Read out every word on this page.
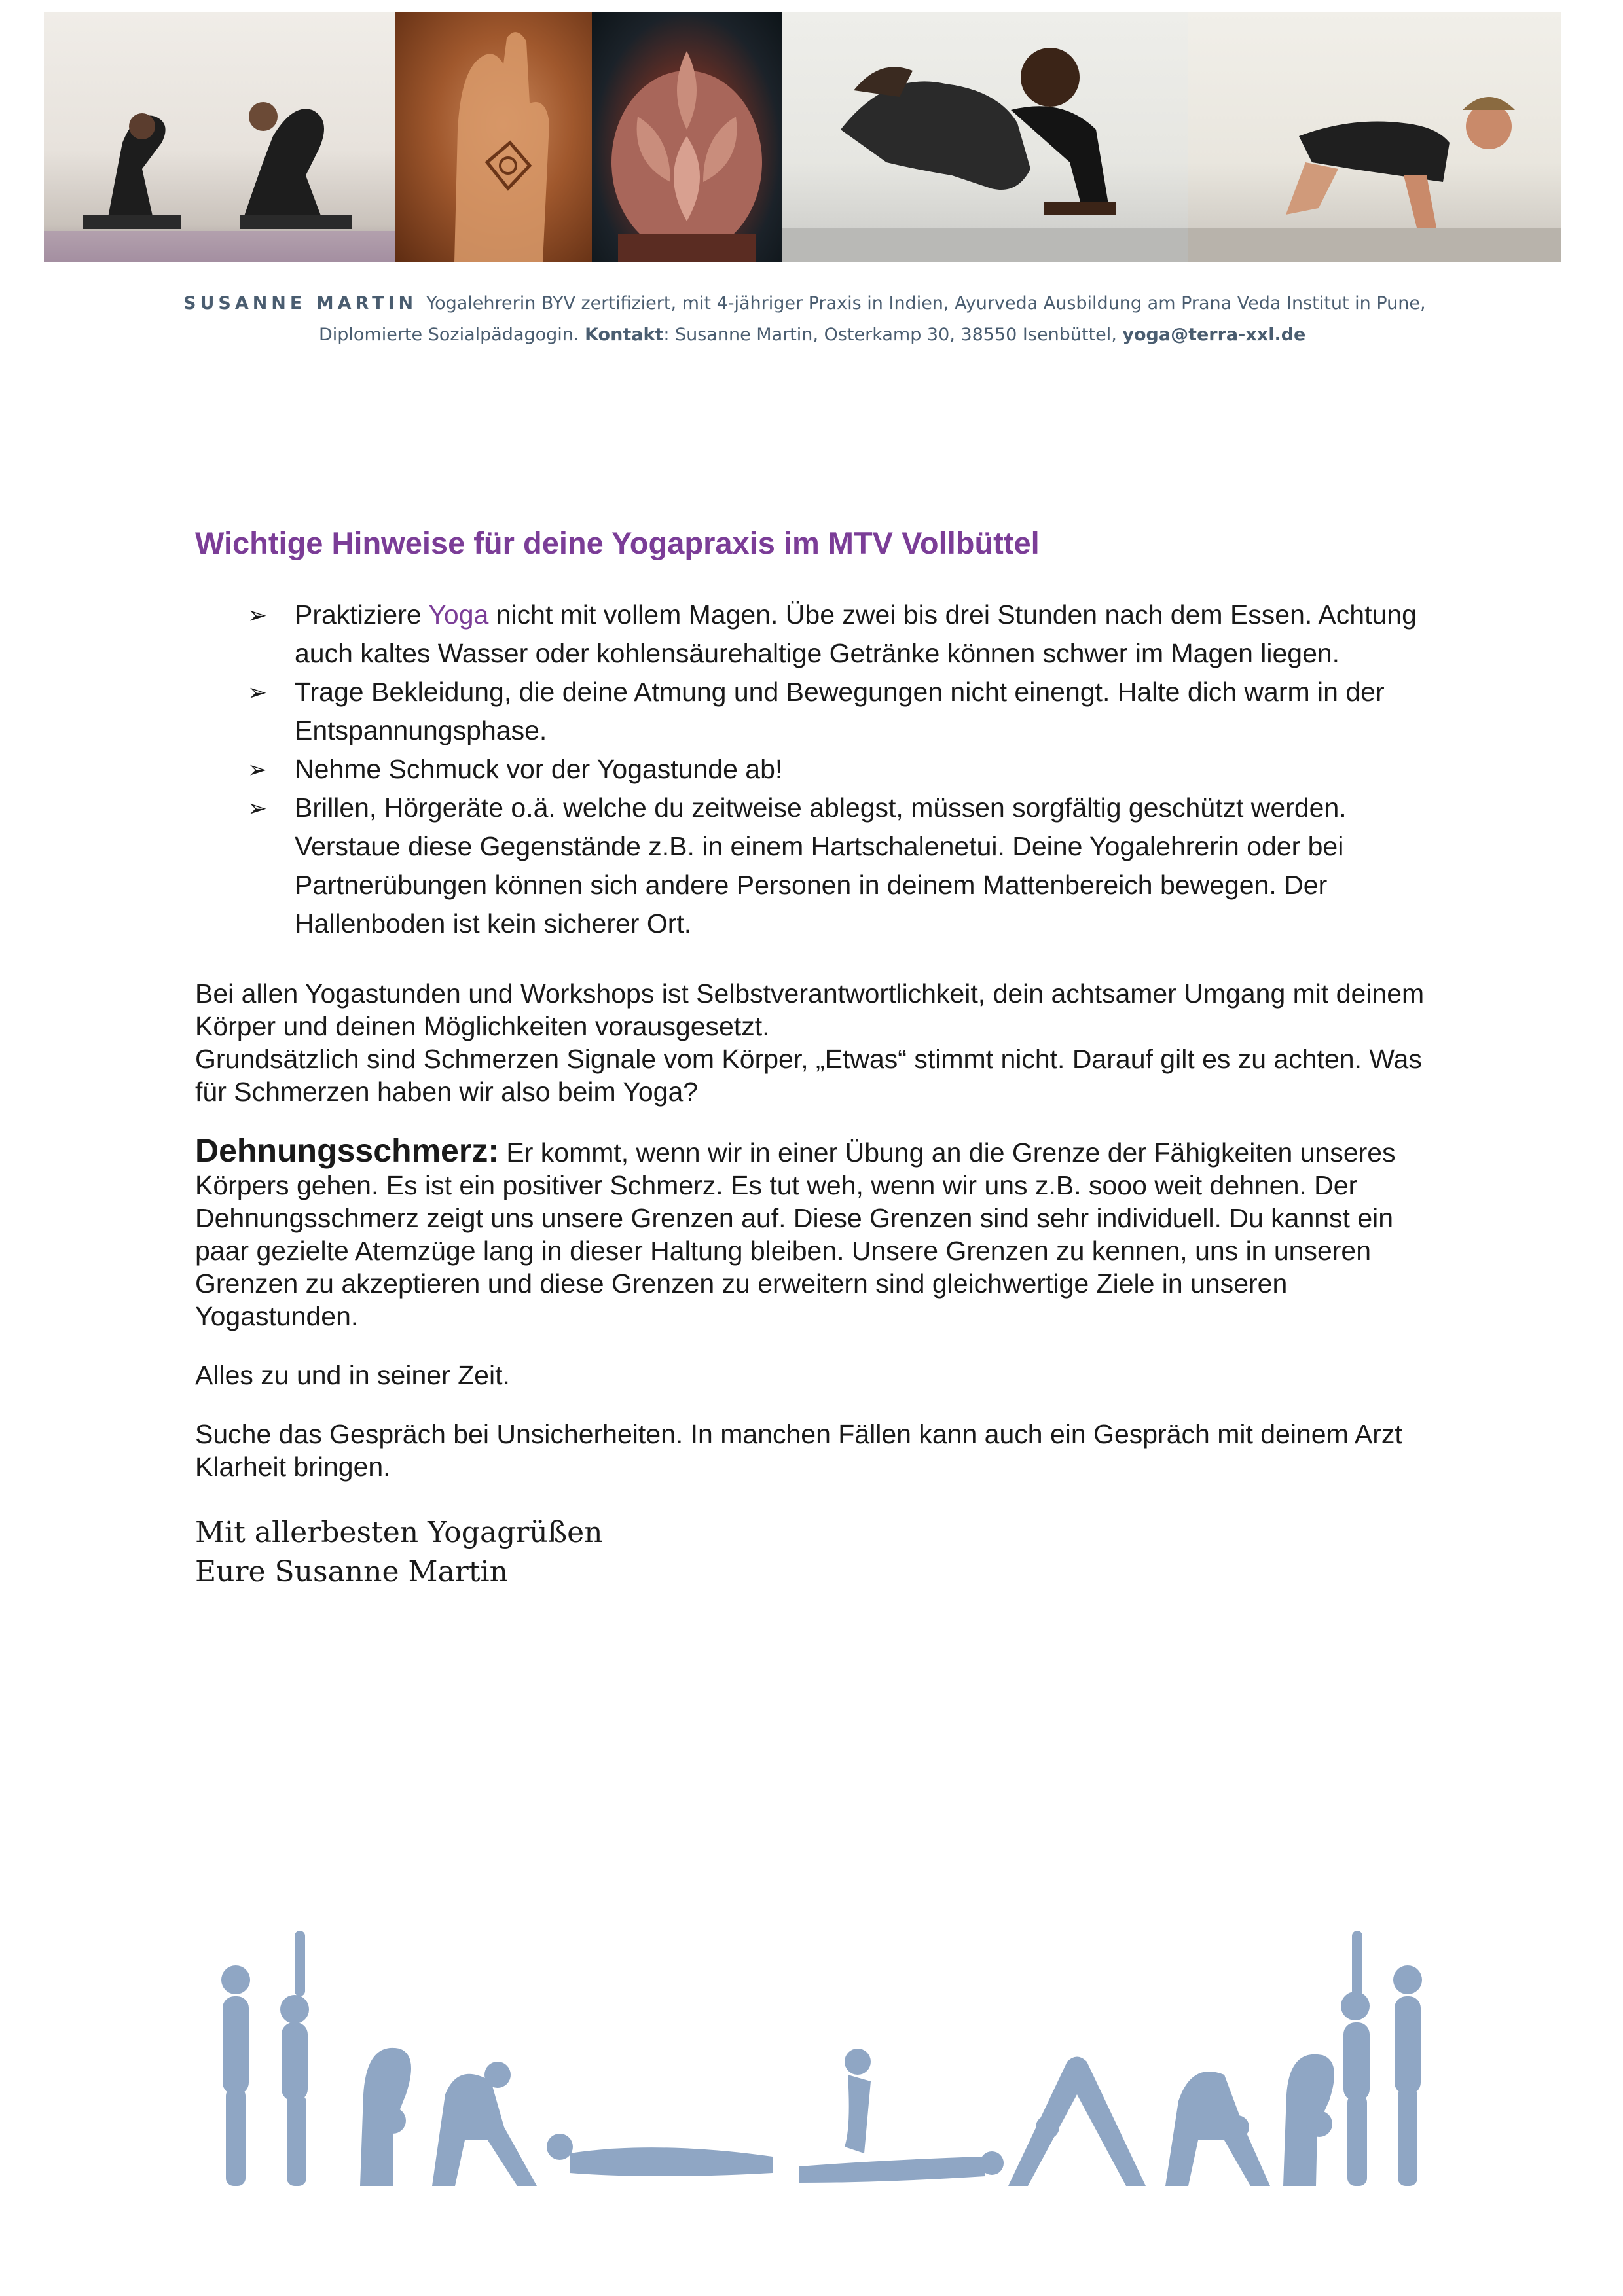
SUSANNE MARTIN Yogalehrerin BYV zertifiziert, mit 4-jähriger Praxis in Indien, Ayurveda Ausbildung am Prana Veda Institut in Pune,
Diplomierte Sozialpädagogin. Kontakt: Susanne Martin, Osterkamp 30, 38550 Isenbüttel, yoga@terra-xxl.de
Wichtige Hinweise für deine Yogapraxis im MTV Vollbüttel
➢ Praktiziere Yoga nicht mit vollem Magen. Übe zwei bis drei Stunden nach dem Essen. Achtung auch kaltes Wasser oder kohlensäurehaltige Getränke können schwer im Magen liegen.
➢ Trage Bekleidung, die deine Atmung und Bewegungen nicht einengt. Halte dich warm in der Entspannungsphase.
➢ Nehme Schmuck vor der Yogastunde ab!
➢ Brillen, Hörgeräte o.ä. welche du zeitweise ablegst, müssen sorgfältig geschützt werden. Verstaue diese Gegenstände z.B. in einem Hartschalenetui. Deine Yogalehrerin oder bei Partnerübungen können sich andere Personen in deinem Mattenbereich bewegen. Der Hallenboden ist kein sicherer Ort.

Bei allen Yogastunden und Workshops ist Selbstverantwortlichkeit, dein achtsamer Umgang mit deinem Körper und deinen Möglichkeiten vorausgesetzt.

Grundsätzlich sind Schmerzen Signale vom Körper, „Etwas“ stimmt nicht. Darauf gilt es zu achten. Was für Schmerzen haben wir also beim Yoga?

Dehnungsschmerz: Er kommt, wenn wir in einer Übung an die Grenze der Fähigkeiten unseres Körpers gehen. Es ist ein positiver Schmerz. Es tut weh, wenn wir uns z.B. sooo weit dehnen. Der Dehnungsschmerz zeigt uns unsere Grenzen auf. Diese Grenzen sind sehr individuell. Du kannst ein paar gezielte Atemzüge lang in dieser Haltung bleiben. Unsere Grenzen zu kennen, uns in unseren Grenzen zu akzeptieren und diese Grenzen zu erweitern sind gleichwertige Ziele in unseren Yogastunden.

Alles zu und in seiner Zeit.

Suche das Gespräch bei Unsicherheiten. In manchen Fällen kann auch ein Gespräch mit deinem Arzt Klarheit bringen.

Mit allerbesten Yogagrüßen
Eure Susanne Martin
